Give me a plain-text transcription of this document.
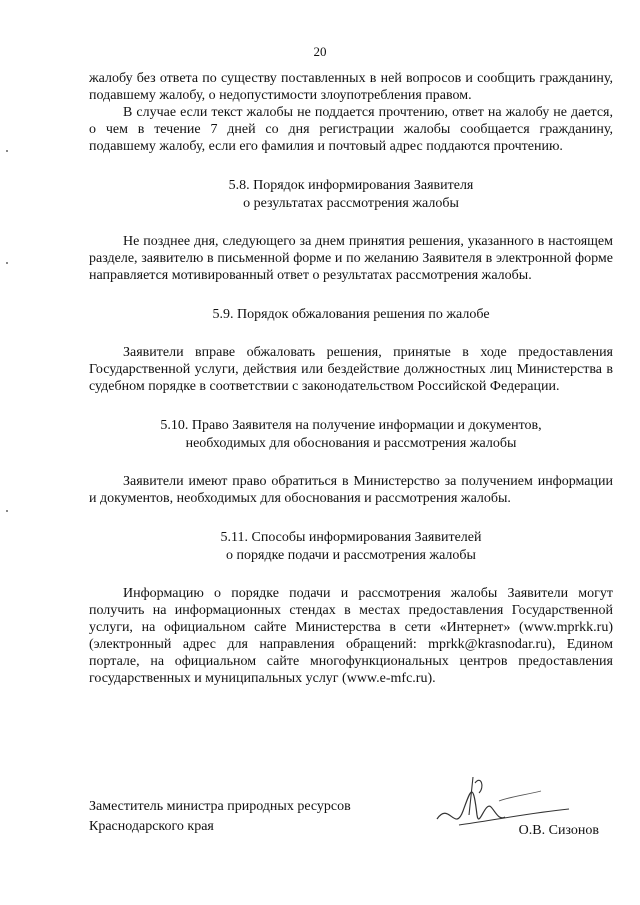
20

жалобу без ответа по существу поставленных в ней вопросов и сообщить гражданину, подавшему жалобу, о недопустимости злоупотребления правом.

В случае если текст жалобы не поддается прочтению, ответ на жалобу не дается, о чем в течение 7 дней со дня регистрации жалобы сообщается гражданину, подавшему жалобу, если его фамилия и почтовый адрес поддаются прочтению.

5.8. Порядок информирования Заявителя
о результатах рассмотрения жалобы

Не позднее дня, следующего за днем принятия решения, указанного в настоящем разделе, заявителю в письменной форме и по желанию Заявителя в электронной форме направляется мотивированный ответ о результатах рассмотрения жалобы.

5.9. Порядок обжалования решения по жалобе

Заявители вправе обжаловать решения, принятые в ходе предоставления Государственной услуги, действия или бездействие должностных лиц Министерства в судебном порядке в соответствии с законодательством Российской Федерации.

5.10. Право Заявителя на получение информации и документов,
необходимых для обоснования и рассмотрения жалобы

Заявители имеют право обратиться в Министерство за получением информации и документов, необходимых для обоснования и рассмотрения жалобы.

5.11. Способы информирования Заявителей
о порядке подачи и рассмотрения жалобы

Информацию о порядке подачи и рассмотрения жалобы Заявители могут получить на информационных стендах в местах предоставления Государственной услуги, на официальном сайте Министерства в сети «Интернет» (www.mprkk.ru) (электронный адрес для направления обращений: mprkk@krasnodar.ru), Едином портале, на официальном сайте многофункциональных центров предоставления государственных и муниципальных услуг (www.e-mfc.ru).

Заместитель министра природных ресурсов
Краснодарского края	О.В. Сизонов
